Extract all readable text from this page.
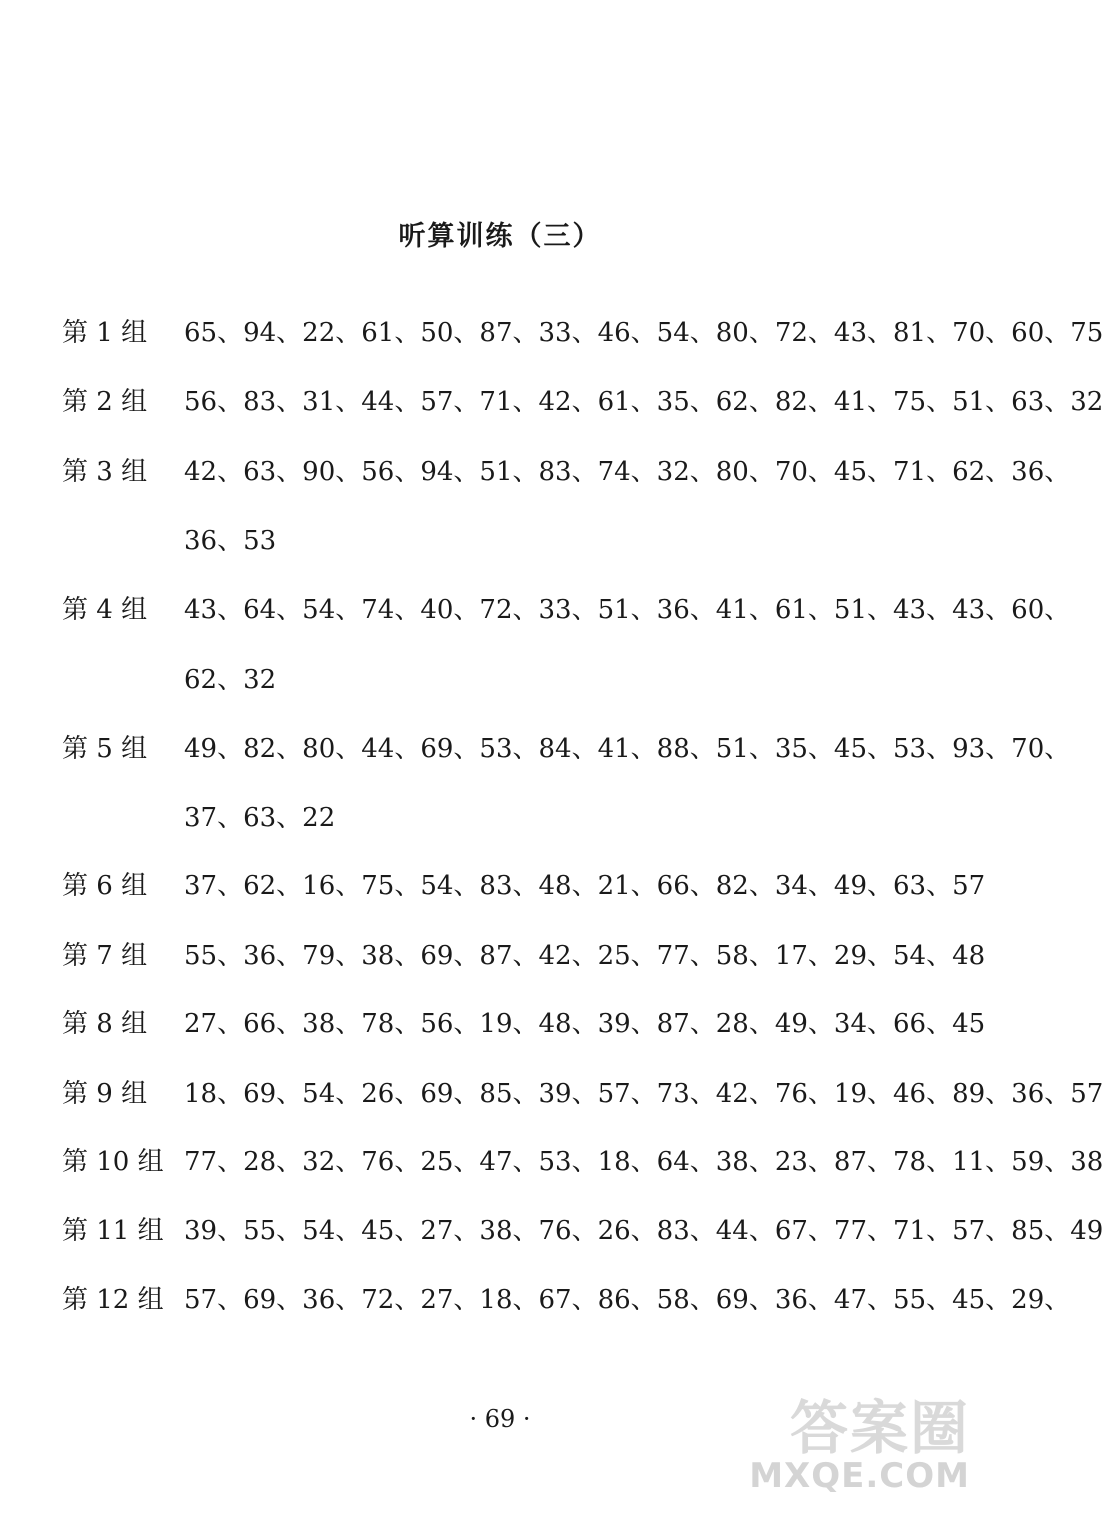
听算训练（三）
第 1 组 65、94、22、61、50、87、33、46、54、80、72、43、81、70、60、75
第 2 组 56、83、31、44、57、71、42、61、35、62、82、41、75、51、63、32
第 3 组 42、63、90、56、94、51、83、74、32、80、70、45、71、62、36、
36、53
第 4 组 43、64、54、74、40、72、33、51、36、41、61、51、43、43、60、
62、32
第 5 组 49、82、80、44、69、53、84、41、88、51、35、45、53、93、70、
37、63、22
第 6 组 37、62、16、75、54、83、48、21、66、82、34、49、63、57
第 7 组 55、36、79、38、69、87、42、25、77、58、17、29、54、48
第 8 组 27、66、38、78、56、19、48、39、87、28、49、34、66、45
第 9 组 18、69、54、26、69、85、39、57、73、42、76、19、46、89、36、57
第 10 组 77、28、32、76、25、47、53、18、64、38、23、87、78、11、59、38
第 11 组 39、55、54、45、27、38、76、26、83、44、67、77、71、57、85、49
第 12 组 57、69、36、72、27、18、67、86、58、69、36、47、55、45、29、
· 69 ·	答案圈
MXQE.COM
